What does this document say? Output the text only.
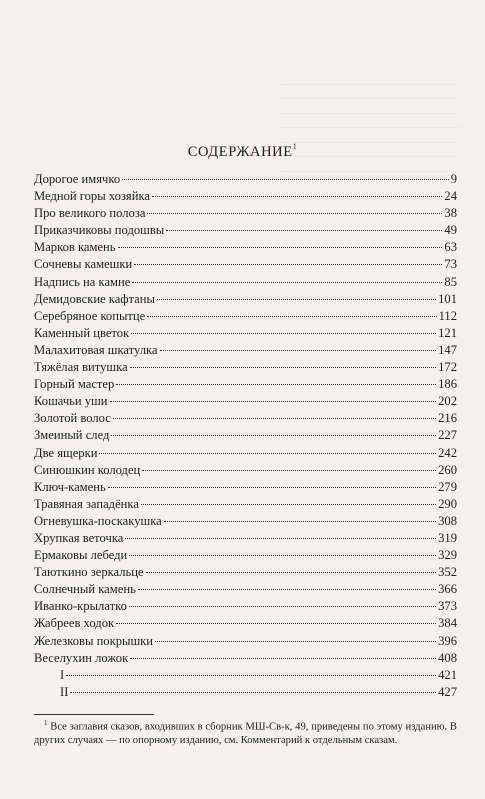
СОДЕРЖАНИЕ$^1$
Дорогое имячко	9
Медной горы хозяйка	24
Про великого полоза	38
Приказчиковы подошвы	49
Марков камень	63
Сочневы камешки	73
Надпись на камне	85
Демидовские кафтаны	101
Серебряное копытце	112
Каменный цветок	121
Малахитовая шкатулка	147
Тяжёлая витушка	172
Горный мастер	186
Кошачьи уши	202
Золотой волос	216
Змеиный след	227
Две ящерки	242
Синюшкин колодец	260
Ключ-камень	279
Травяная западёнка	290
Огневушка-поскакушка	308
Хрупкая веточка	319
Ермаковы лебеди	329
Таюткино зеркальце	352
Солнечный камень	366
Иванко-крылатко	373
Жабреев ходок	384
Железковы покрышки	396
Веселухин ложок	408
I	421
II	427
$^1$ Все заглавия сказов, входивших в сборник МШ-Св-к, 49, приведены по этому изданию. В других случаях — по опорному изданию, см. Комментарий к отдельным сказам.
